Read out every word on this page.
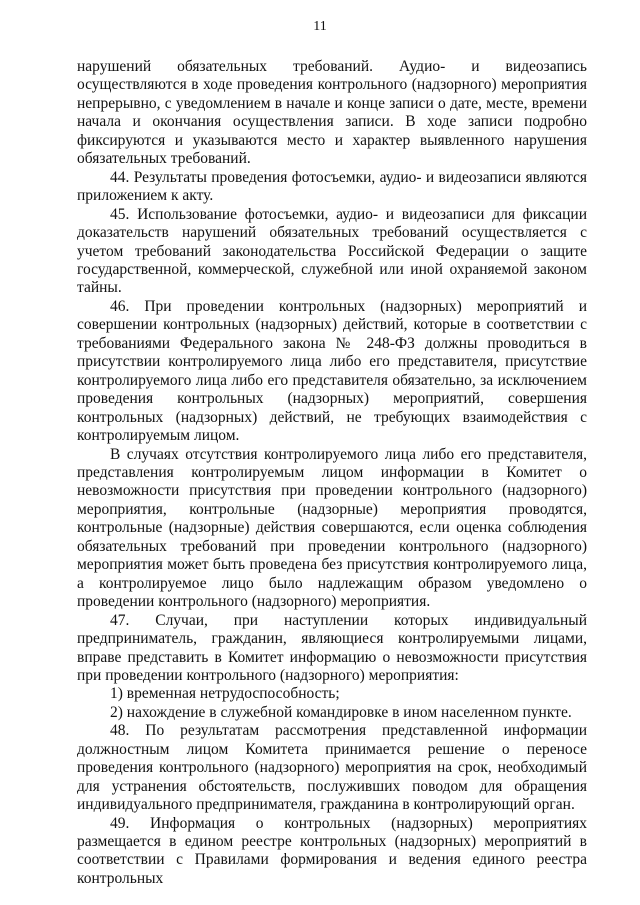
11

нарушений обязательных требований. Аудио- и видеозапись осуществляются в ходе проведения контрольного (надзорного) мероприятия непрерывно, с уведомлением в начале и конце записи о дате, месте, времени начала и окончания осуществления записи. В ходе записи подробно фиксируются и указываются место и характер выявленного нарушения обязательных требований.

44. Результаты проведения фотосъемки, аудио- и видеозаписи являются приложением к акту.

45. Использование фотосъемки, аудио- и видеозаписи для фиксации доказательств нарушений обязательных требований осуществляется с учетом требований законодательства Российской Федерации о защите государственной, коммерческой, служебной или иной охраняемой законом тайны.

46. При проведении контрольных (надзорных) мероприятий и совершении контрольных (надзорных) действий, которые в соответствии с требованиями Федерального закона № 248-ФЗ должны проводиться в присутствии контролируемого лица либо его представителя, присутствие контролируемого лица либо его представителя обязательно, за исключением проведения контрольных (надзорных) мероприятий, совершения контрольных (надзорных) действий, не требующих взаимодействия с контролируемым лицом.

В случаях отсутствия контролируемого лица либо его представителя, представления контролируемым лицом информации в Комитет о невозможности присутствия при проведении контрольного (надзорного) мероприятия, контрольные (надзорные) мероприятия проводятся, контрольные (надзорные) действия совершаются, если оценка соблюдения обязательных требований при проведении контрольного (надзорного) мероприятия может быть проведена без присутствия контролируемого лица, а контролируемое лицо было надлежащим образом уведомлено о проведении контрольного (надзорного) мероприятия.

47. Случаи, при наступлении которых индивидуальный предприниматель, гражданин, являющиеся контролируемыми лицами, вправе представить в Комитет информацию о невозможности присутствия при проведении контрольного (надзорного) мероприятия:

1) временная нетрудоспособность;

2) нахождение в служебной командировке в ином населенном пункте.

48. По результатам рассмотрения представленной информации должностным лицом Комитета принимается решение о переносе проведения контрольного (надзорного) мероприятия на срок, необходимый для устранения обстоятельств, послуживших поводом для обращения индивидуального предпринимателя, гражданина в контролирующий орган.

49. Информация о контрольных (надзорных) мероприятиях размещается в едином реестре контрольных (надзорных) мероприятий в соответствии с Правилами формирования и ведения единого реестра контрольных
